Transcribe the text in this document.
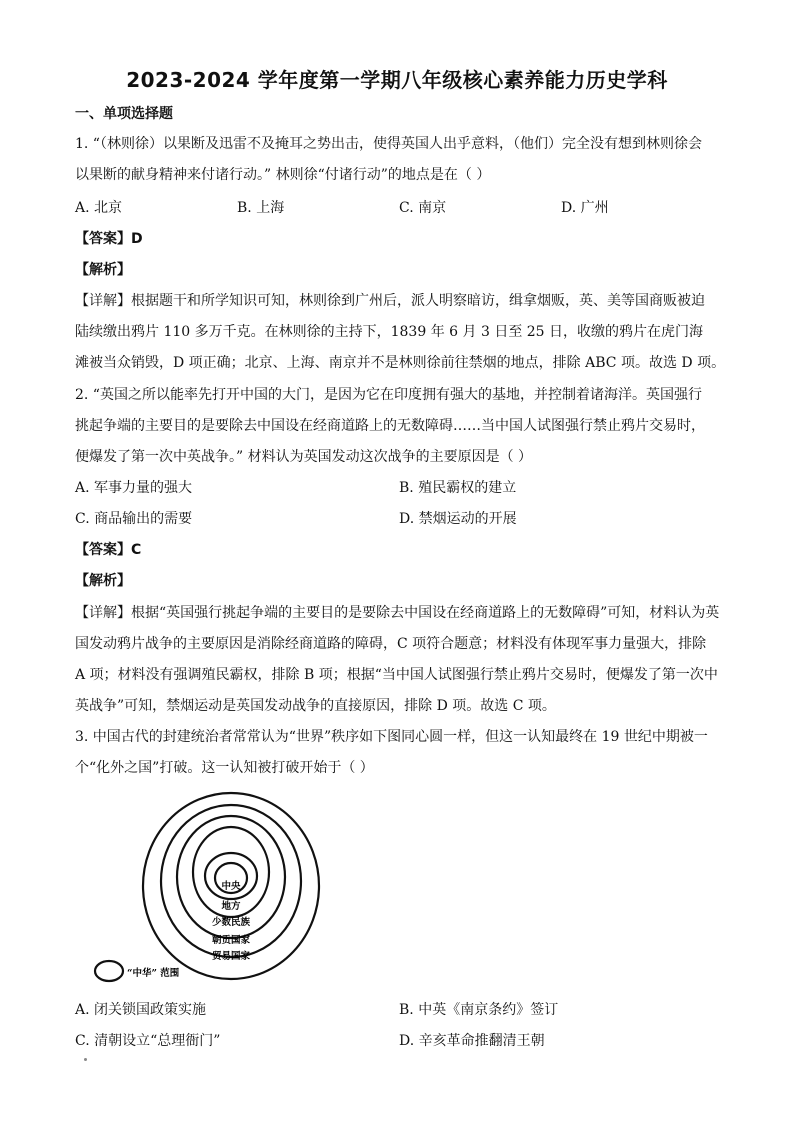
2023-2024 学年度第一学期八年级核心素养能力历史学科
一、单项选择题
1. “（林则徐）以果断及迅雷不及掩耳之势出击，使得英国人出乎意料，（他们）完全没有想到林则徐会
以果断的献身精神来付诸行动。” 林则徐“付诸行动”的地点是在（ ）
A. 北京	B. 上海	C. 南京	D. 广州
【答案】D
【解析】
【详解】根据题干和所学知识可知，林则徐到广州后，派人明察暗访，缉拿烟贩，英、美等国商贩被迫
陆续缴出鸦片 110 多万千克。在林则徐的主持下，1839 年 6 月 3 日至 25 日，收缴的鸦片在虎门海
滩被当众销毁，D 项正确；北京、上海、南京并不是林则徐前往禁烟的地点，排除 ABC 项。故选 D 项。
2. “英国之所以能率先打开中国的大门，是因为它在印度拥有强大的基地，并控制着诸海洋。英国强行
挑起争端的主要目的是要除去中国设在经商道路上的无数障碍……当中国人试图强行禁止鸦片交易时，
便爆发了第一次中英战争。” 材料认为英国发动这次战争的主要原因是（ ）
A. 军事力量的强大	B. 殖民霸权的建立
C. 商品输出的需要	D. 禁烟运动的开展
【答案】C
【解析】
【详解】根据“英国强行挑起争端的主要目的是要除去中国设在经商道路上的无数障碍”可知，材料认为英
国发动鸦片战争的主要原因是消除经商道路的障碍，C 项符合题意；材料没有体现军事力量强大，排除
A 项；材料没有强调殖民霸权，排除 B 项；根据“当中国人试图强行禁止鸦片交易时，便爆发了第一次中
英战争”可知，禁烟运动是英国发动战争的直接原因，排除 D 项。故选 C 项。
3. 中国古代的封建统治者常常认为“世界”秩序如下图同心圆一样，但这一认知最终在 19 世纪中期被一
个“化外之国”打破。这一认知被打破开始于（ ）
中央
地方
少数民族
朝贡国家
贸易国家
“中华” 范围
A. 闭关锁国政策实施	B. 中英《南京条约》签订
C. 清朝设立“总理衙门”	D. 辛亥革命推翻清王朝
